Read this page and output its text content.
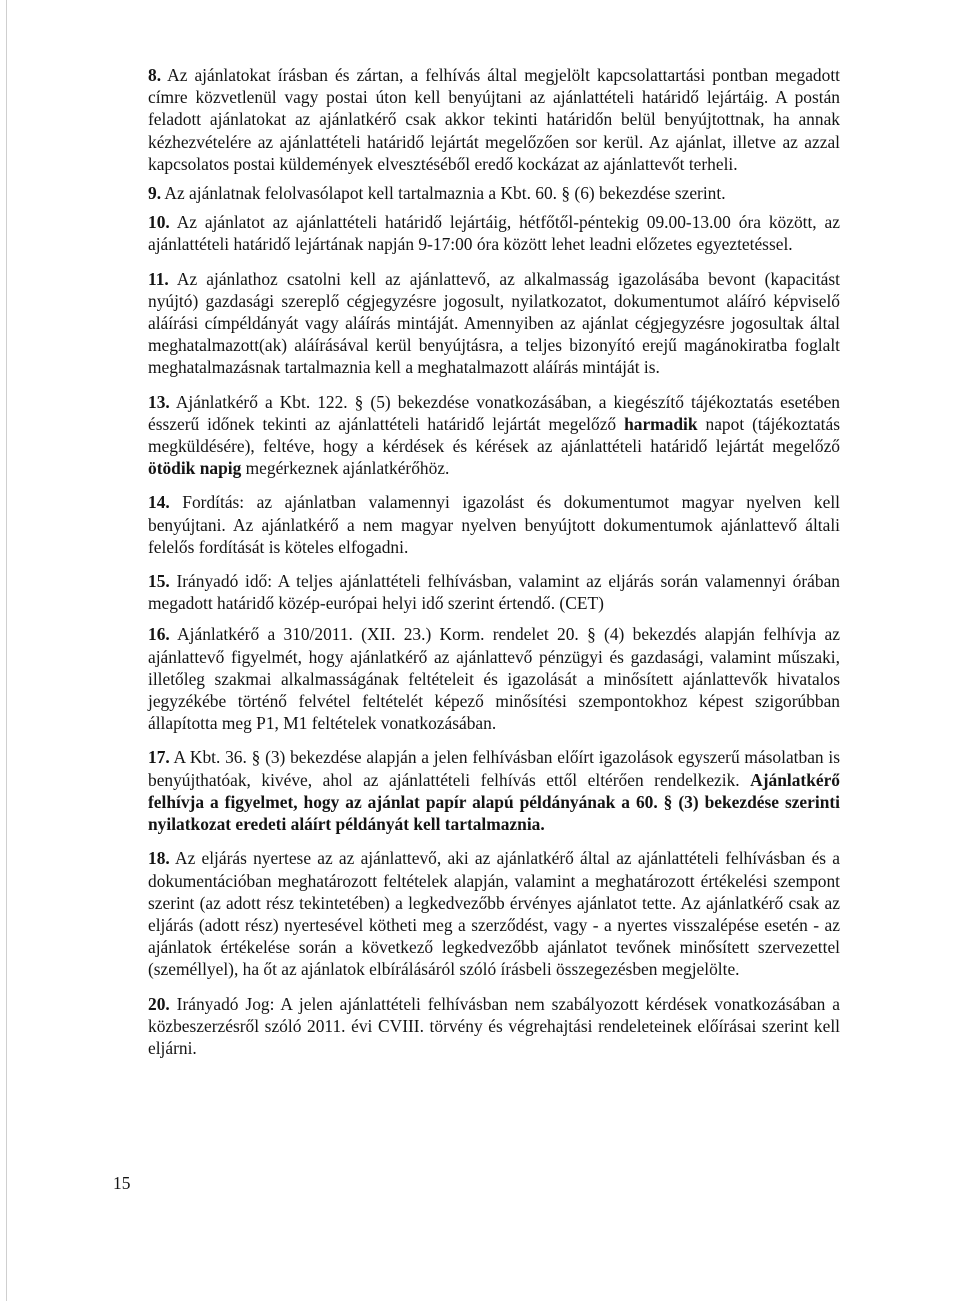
8. Az ajánlatokat írásban és zártan, a felhívás által megjelölt kapcsolattartási pontban megadott címre közvetlenül vagy postai úton kell benyújtani az ajánlattételi határidő lejártáig. A postán feladott ajánlatokat az ajánlatkérő csak akkor tekinti határidőn belül benyújtottnak, ha annak kézhezvételére az ajánlattételi határidő lejártát megelőzően sor kerül. Az ajánlat, illetve az azzal kapcsolatos postai küldemények elvesztéséből eredő kockázat az ajánlattevőt terheli.

9. Az ajánlatnak felolvasólapot kell tartalmaznia a Kbt. 60. § (6) bekezdése szerint.

10. Az ajánlatot az ajánlattételi határidő lejártáig, hétfőtől-péntekig 09.00-13.00 óra között, az ajánlattételi határidő lejártának napján 9-17:00 óra között lehet leadni előzetes egyeztetéssel.

11. Az ajánlathoz csatolni kell az ajánlattevő, az alkalmasság igazolásába bevont (kapacitást nyújtó) gazdasági szereplő cégjegyzésre jogosult, nyilatkozatot, dokumentumot aláíró képviselő aláírási címpéldányát vagy aláírás mintáját. Amennyiben az ajánlat cégjegyzésre jogosultak által meghatalmazott(ak) aláírásával kerül benyújtásra, a teljes bizonyító erejű magánokiratba foglalt meghatalmazásnak tartalmaznia kell a meghatalmazott aláírás mintáját is.

13. Ajánlatkérő a Kbt. 122. § (5) bekezdése vonatkozásában, a kiegészítő tájékoztatás esetében ésszerű időnek tekinti az ajánlattételi határidő lejártát megelőző harmadik napot (tájékoztatás megküldésére), feltéve, hogy a kérdések és kérések az ajánlattételi határidő lejártát megelőző ötödik napig megérkeznek ajánlatkérőhöz.

14. Fordítás: az ajánlatban valamennyi igazolást és dokumentumot magyar nyelven kell benyújtani. Az ajánlatkérő a nem magyar nyelven benyújtott dokumentumok ajánlattevő általi felelős fordítását is köteles elfogadni.

15. Irányadó idő: A teljes ajánlattételi felhívásban, valamint az eljárás során valamennyi órában megadott határidő közép-európai helyi idő szerint értendő. (CET)

16. Ajánlatkérő a 310/2011. (XII. 23.) Korm. rendelet 20. § (4) bekezdés alapján felhívja az ajánlattevő figyelmét, hogy ajánlatkérő az ajánlattevő pénzügyi és gazdasági, valamint műszaki, illetőleg szakmai alkalmasságának feltételeit és igazolását a minősített ajánlattevők hivatalos jegyzékébe történő felvétel feltételét képező minősítési szempontokhoz képest szigorúbban állapította meg P1, M1 feltételek vonatkozásában.

17. A Kbt. 36. § (3) bekezdése alapján a jelen felhívásban előírt igazolások egyszerű másolatban is benyújthatóak, kivéve, ahol az ajánlattételi felhívás ettől eltérően rendelkezik. Ajánlatkérő felhívja a figyelmet, hogy az ajánlat papír alapú példányának a 60. § (3) bekezdése szerinti nyilatkozat eredeti aláírt példányát kell tartalmaznia.

18. Az eljárás nyertese az az ajánlattevő, aki az ajánlatkérő által az ajánlattételi felhívásban és a dokumentációban meghatározott feltételek alapján, valamint a meghatározott értékelési szempont szerint (az adott rész tekintetében) a legkedvezőbb érvényes ajánlatot tette. Az ajánlatkérő csak az eljárás (adott rész) nyertesével kötheti meg a szerződést, vagy - a nyertes visszalépése esetén - az ajánlatok értékelése során a következő legkedvezőbb ajánlatot tevőnek minősített szervezettel (személlyel), ha őt az ajánlatok elbírálásáról szóló írásbeli összegezésben megjelölte.

20. Irányadó Jog: A jelen ajánlattételi felhívásban nem szabályozott kérdések vonatkozásában a közbeszerzésről szóló 2011. évi CVIII. törvény és végrehajtási rendeleteinek előírásai szerint kell eljárni.

15
